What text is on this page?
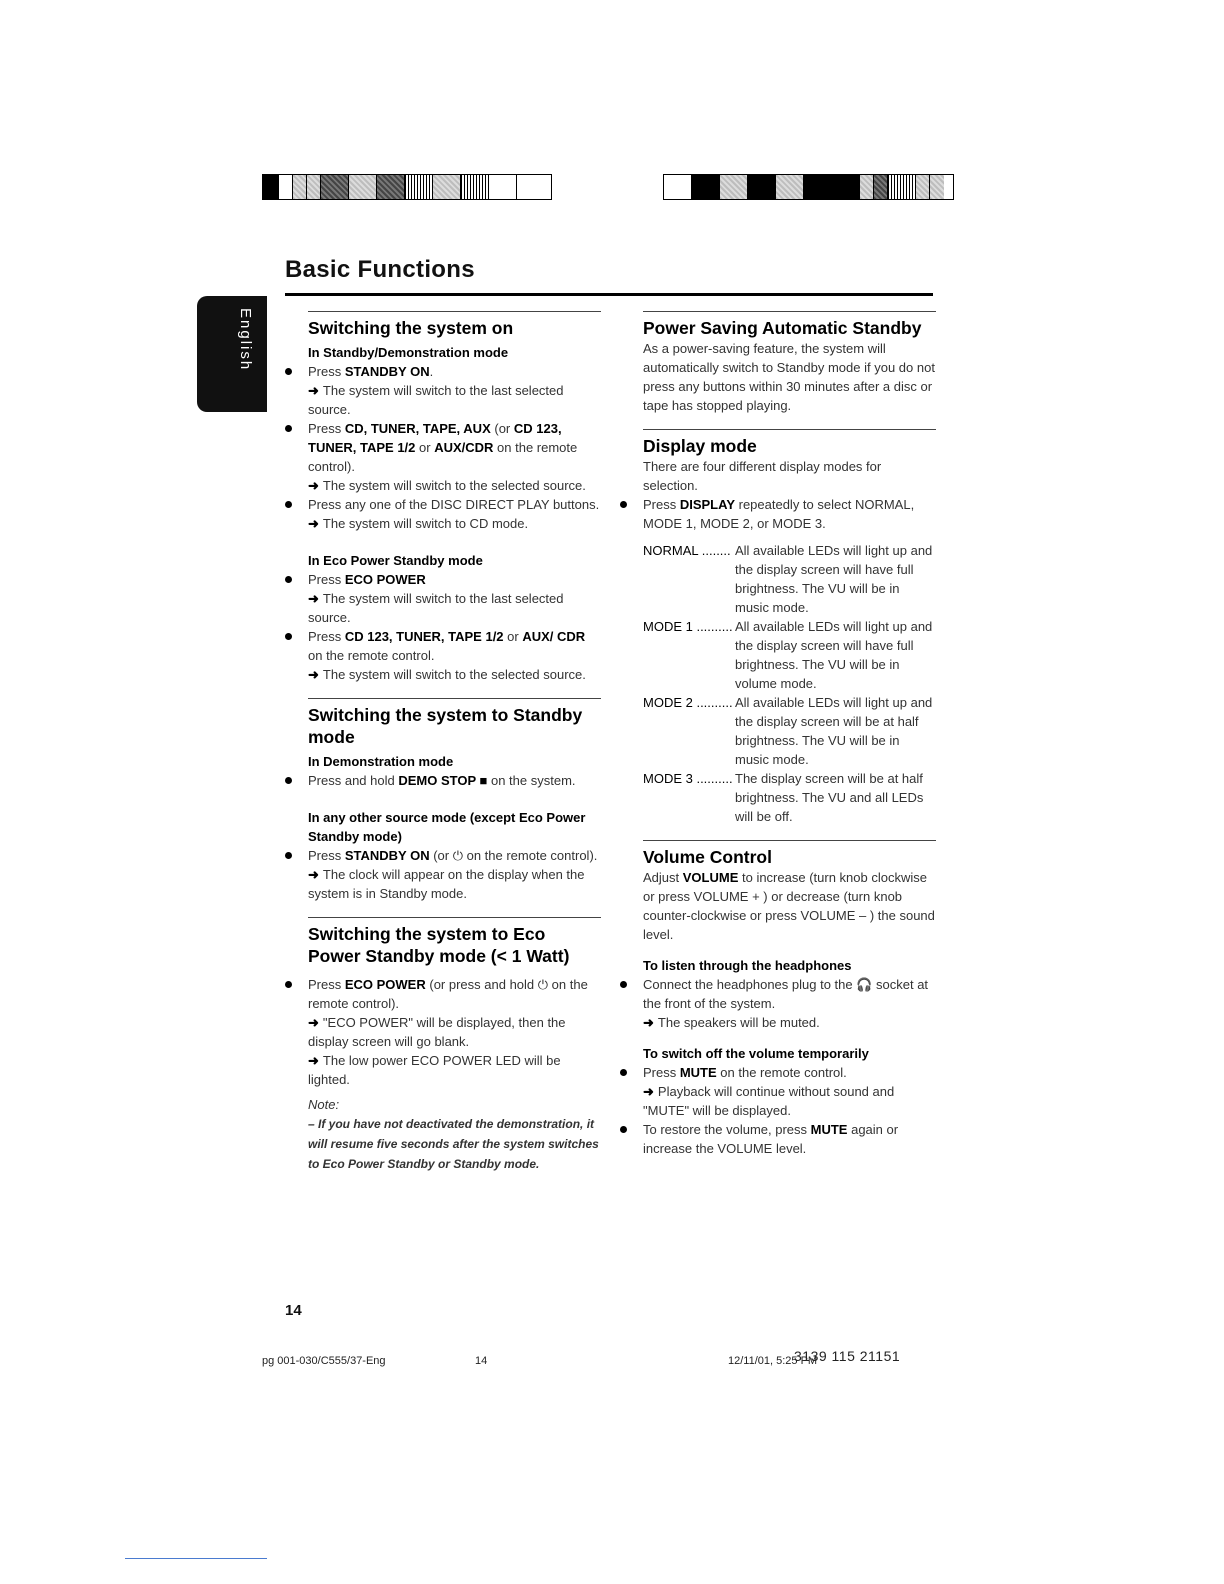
Basic Functions
English	Switching the system on
In Standby/Demonstration mode
Press STANDBY ON.
➜ The system will switch to the last selected source.
Press CD, TUNER, TAPE, AUX (or CD 123, TUNER, TAPE 1/2 or AUX/CDR on the remote control).
➜ The system will switch to the selected source.
Press any one of the DISC DIRECT PLAY buttons.
➜ The system will switch to CD mode.
In Eco Power Standby mode
Press ECO POWER
➜ The system will switch to the last selected source.
Press CD 123, TUNER, TAPE 1/2 or AUX/ CDR on the remote control.
➜ The system will switch to the selected source.
Switching the system to Standby mode
In Demonstration mode
Press and hold DEMO STOP ■ on the system.
In any other source mode (except Eco Power Standby mode)
Press STANDBY ON (or ⏻ on the remote control).
➜ The clock will appear on the display when the system is in Standby mode.
Switching the system to Eco Power Standby mode (< 1 Watt)
Press ECO POWER (or press and hold ⏻ on the remote control).
➜ "ECO POWER" will be displayed, then the display screen will go blank.
➜ The low power ECO POWER LED will be lighted.
Note:
– If you have not deactivated the demonstration, it will resume five seconds after the system switches to Eco Power Standby or Standby mode.
Power Saving Automatic Standby
As a power-saving feature, the system will automatically switch to Standby mode if you do not press any buttons within 30 minutes after a disc or tape has stopped playing.
Display mode
There are four different display modes for selection.
Press DISPLAY repeatedly to select NORMAL, MODE 1, MODE 2, or MODE 3.
NORMAL ........ All available LEDs will light up and the display screen will have full brightness. The VU will be in music mode.
MODE 1 .......... All available LEDs will light up and the display screen will have full brightness. The VU will be in volume mode.
MODE 2 .......... All available LEDs will light up and the display screen will be at half brightness. The VU will be in music mode.
MODE 3 .......... The display screen will be at half brightness. The VU and all LEDs will be off.
Volume Control
Adjust VOLUME to increase (turn knob clockwise or press VOLUME + ) or decrease (turn knob counter-clockwise or press VOLUME – ) the sound level.
To listen through the headphones
Connect the headphones plug to the 🎧 socket at the front of the system.
➜ The speakers will be muted.
To switch off the volume temporarily
Press MUTE on the remote control.
➜ Playback will continue without sound and "MUTE" will be displayed.
To restore the volume, press MUTE again or increase the VOLUME level.
14
pg 001-030/C555/37-Eng	14	12/11/01, 5:25 PM
3139 115 21151
